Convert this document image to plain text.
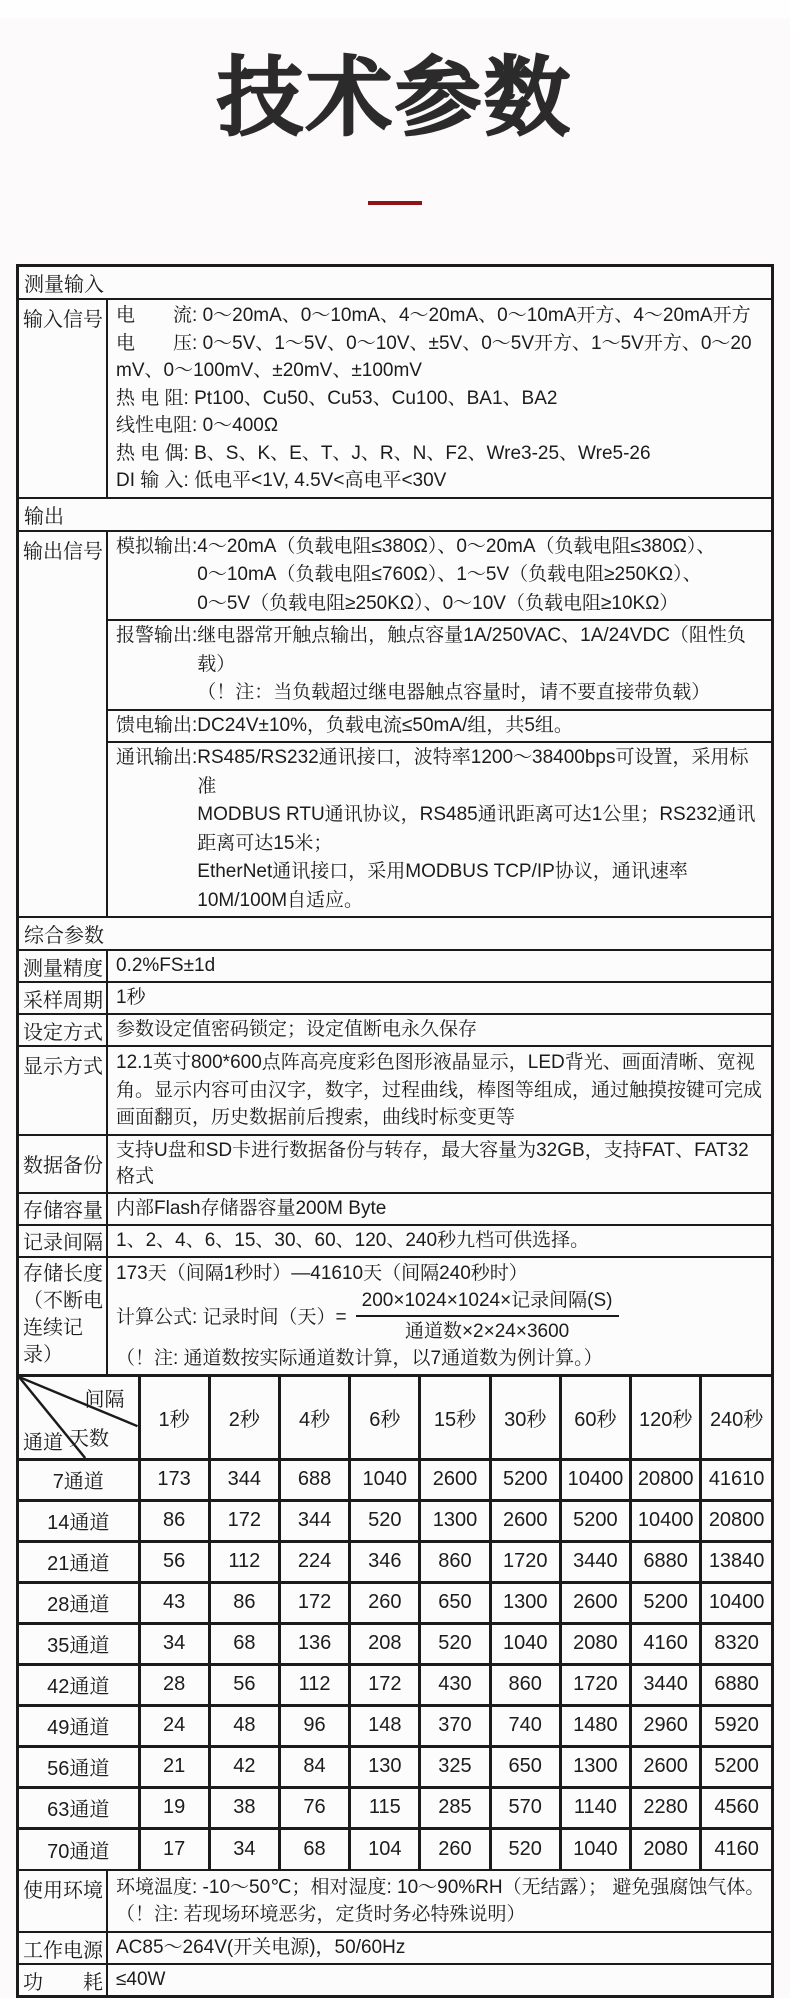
技术参数
测量输入
输入信号 电　　流: 0～20mA、0～10mA、4～20mA、0～10mA开方、4～20mA开方
电　　压: 0～5V、1～5V、0～10V、±5V、0～5V开方、1～5V开方、0～20 mV、0～100mV、±20mV、±100mV
热 电 阻: Pt100、Cu50、Cu53、Cu100、BA1、BA2
线性电阻: 0～400Ω
热 电 偶: B、S、K、E、T、J、R、N、F2、Wre3-25、Wre5-26
DI 输 入: 低电平<1V, 4.5V<高电平<30V
输出
输出信号 模拟输出: 4～20mA（负载电阻≤380Ω）、0～20mA（负载电阻≤380Ω）、
0～10mA（负载电阻≤760Ω）、1～5V（负载电阻≥250KΩ）、
0～5V（负载电阻≥250KΩ）、0～10V（负载电阻≥10KΩ）
报警输出: 继电器常开触点输出，触点容量1A/250VAC、1A/24VDC（阻性负载）
（！注：当负载超过继电器触点容量时，请不要直接带负载）
馈电输出: DC24V±10%，负载电流≤50mA/组，共5组。
通讯输出: RS485/RS232通讯接口，波特率1200～38400bps可设置，采用标准
MODBUS RTU通讯协议，RS485通讯距离可达1公里；RS232通讯距离可达15米；
EtherNet通讯接口，采用MODBUS TCP/IP协议，通讯速率10M/100M自适应。
综合参数
测量精度 0.2%FS±1d
采样周期 1秒
设定方式 参数设定值密码锁定；设定值断电永久保存
显示方式 12.1英寸800*600点阵高亮度彩色图形液晶显示，LED背光、画面清晰、宽视角。显示内容可由汉字，数字，过程曲线，棒图等组成，通过触摸按键可完成画面翻页，历史数据前后搜索，曲线时标变更等
数据备份
支持U盘和SD卡进行数据备份与转存，最大容量为32GB，支持FAT、FAT32格式
存储容量 内部Flash存储器容量200M Byte
记录间隔 1、2、4、6、15、30、60、120、240秒九档可供选择。
存储长度
（不断电
连续记录）
173天（间隔1秒时）—41610天（间隔240秒时）
计算公式: 记录时间（天）= $\frac{\text{200×1024×1024×记录间隔(S)}}{\text{通道数×2×24×3600}}$
（！注: 通道数按实际通道数计算，以7通道数为例计算。）
间隔
天数
通道	1秒	2秒	4秒	6秒	15秒	30秒	60秒	120秒	240秒
7通道	173	344	688	1040	2600	5200	10400	20800	41610
14通道	86	172	344	520	1300	2600	5200	10400	20800
21通道	56	112	224	346	860	1720	3440	6880	13840
28通道	43	86	172	260	650	1300	2600	5200	10400
35通道	34	68	136	208	520	1040	2080	4160	8320
42通道	28	56	112	172	430	860	1720	3440	6880
49通道	24	48	96	148	370	740	1480	2960	5920
56通道	21	42	84	130	325	650	1300	2600	5200
63通道	19	38	76	115	285	570	1140	2280	4560
70通道	17	34	68	104	260	520	1040	2080	4160
使用环境 环境温度: -10～50℃；相对湿度: 10～90%RH（无结露）； 避免强腐蚀气体。
（！注: 若现场环境恶劣，定货时务必特殊说明）
工作电源 AC85～264V(开关电源)，50/60Hz
功　　耗 ≤40W
